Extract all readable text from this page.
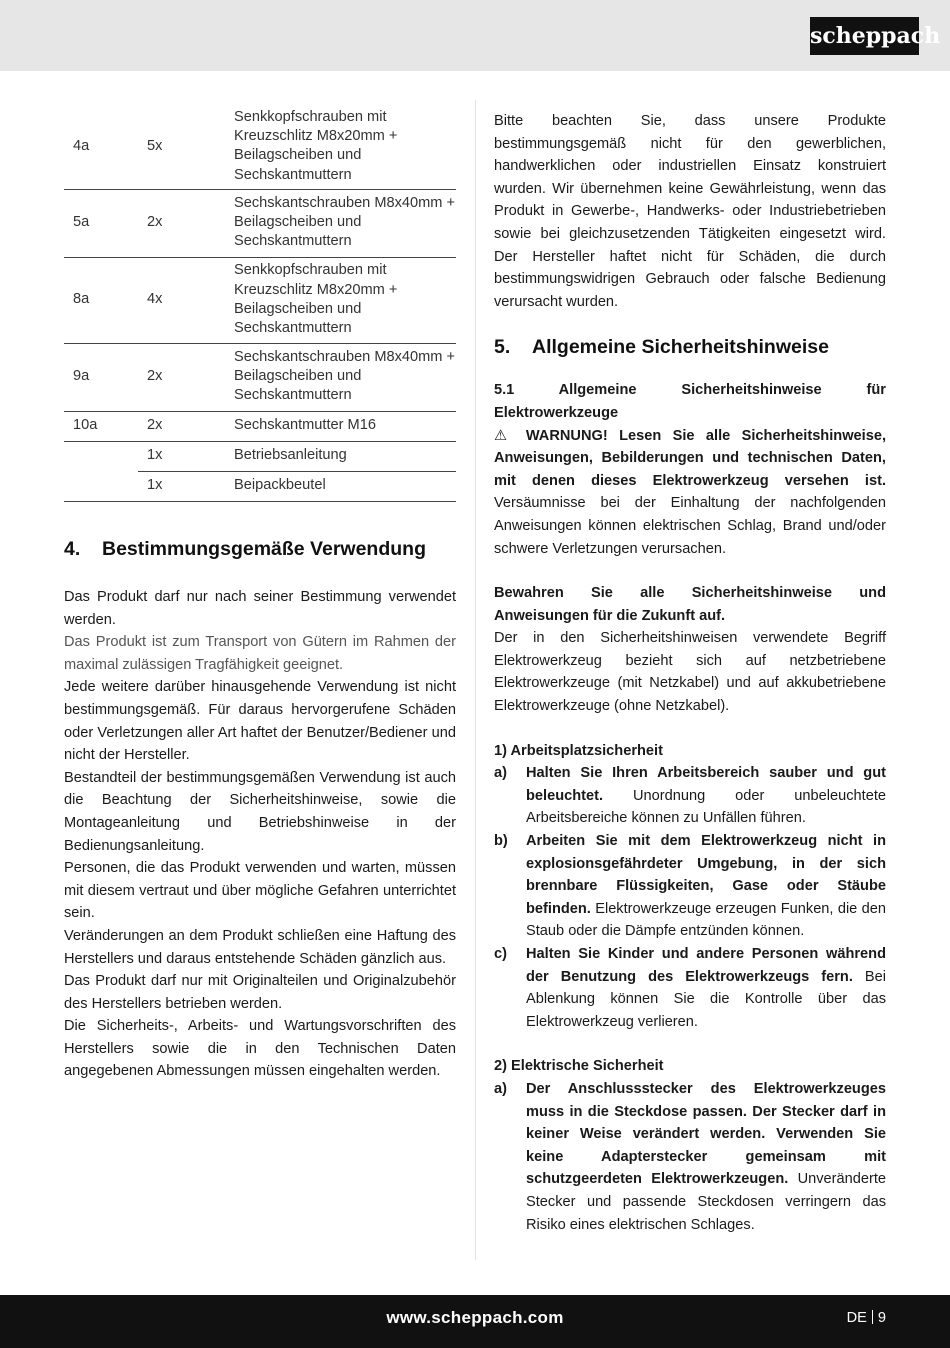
scheppach
4a	5x	Senkkopfschrauben mit Kreuzschlitz M8x20mm + Beilagscheiben und Sechskantmuttern
5a	2x	Sechskantschrauben M8x40mm + Beilagscheiben und Sechskantmuttern
8a	4x	Senkkopfschrauben mit Kreuzschlitz M8x20mm + Beilagscheiben und Sechskantmuttern
9a	2x	Sechskantschrauben M8x40mm + Beilagscheiben und Sechskantmuttern
10a	2x	Sechskantmutter M16
	1x	Betriebsanleitung
	1x	Beipackbeutel
4. Bestimmungsgemäße Verwendung

Das Produkt darf nur nach seiner Bestimmung verwendet werden.

Das Produkt ist zum Transport von Gütern im Rahmen der maximal zulässigen Tragfähigkeit geeignet.

Jede weitere darüber hinausgehende Verwendung ist nicht bestimmungsgemäß. Für daraus hervorgerufene Schäden oder Verletzungen aller Art haftet der Benutzer/Bediener und nicht der Hersteller.

Bestandteil der bestimmungsgemäßen Verwendung ist auch die Beachtung der Sicherheitshinweise, sowie die Montageanleitung und Betriebshinweise in der Bedienungsanleitung.

Personen, die das Produkt verwenden und warten, müssen mit diesem vertraut und über mögliche Gefahren unterrichtet sein.

Veränderungen an dem Produkt schließen eine Haftung des Herstellers und daraus entstehende Schäden gänzlich aus.

Das Produkt darf nur mit Originalteilen und Originalzubehör des Herstellers betrieben werden.

Die Sicherheits-, Arbeits- und Wartungsvorschriften des Herstellers sowie die in den Technischen Daten angegebenen Abmessungen müssen eingehalten werden.

Bitte beachten Sie, dass unsere Produkte bestimmungsgemäß nicht für den gewerblichen, handwerklichen oder industriellen Einsatz konstruiert wurden. Wir übernehmen keine Gewährleistung, wenn das Produkt in Gewerbe-, Handwerks- oder Industriebetrieben sowie bei gleichzusetzenden Tätigkeiten eingesetzt wird. Der Hersteller haftet nicht für Schäden, die durch bestimmungswidrigen Gebrauch oder falsche Bedienung verursacht wurden.

5. Allgemeine Sicherheitshinweise

5.1 Allgemeine Sicherheitshinweise für Elektrowerkzeuge

⚠ WARNUNG! Lesen Sie alle Sicherheitshinweise, Anweisungen, Bebilderungen und technischen Daten, mit denen dieses Elektrowerkzeug versehen ist. Versäumnisse bei der Einhaltung der nachfolgenden Anweisungen können elektrischen Schlag, Brand und/oder schwere Verletzungen verursachen.

Bewahren Sie alle Sicherheitshinweise und Anweisungen für die Zukunft auf.

Der in den Sicherheitshinweisen verwendete Begriff Elektrowerkzeug bezieht sich auf netzbetriebene Elektrowerkzeuge (mit Netzkabel) und auf akkubetriebene Elektrowerkzeuge (ohne Netzkabel).

1) Arbeitsplatzsicherheit

a)	Halten Sie Ihren Arbeitsbereich sauber und gut beleuchtet. Unordnung oder unbeleuchtete Arbeitsbereiche können zu Unfällen führen.
b)	Arbeiten Sie mit dem Elektrowerkzeug nicht in explosionsgefährdeter Umgebung, in der sich brennbare Flüssigkeiten, Gase oder Stäube befinden. Elektrowerkzeuge erzeugen Funken, die den Staub oder die Dämpfe entzünden können.
c)	Halten Sie Kinder und andere Personen während der Benutzung des Elektrowerkzeugs fern. Bei Ablenkung können Sie die Kontrolle über das Elektrowerkzeug verlieren.

2) Elektrische Sicherheit

a)	Der Anschlussstecker des Elektrowerkzeuges muss in die Steckdose passen. Der Stecker darf in keiner Weise verändert werden. Verwenden Sie keine Adapterstecker gemeinsam mit schutzgeerdeten Elektrowerkzeugen. Unveränderte Stecker und passende Steckdosen verringern das Risiko eines elektrischen Schlages.
www.scheppach.com	DE 9
